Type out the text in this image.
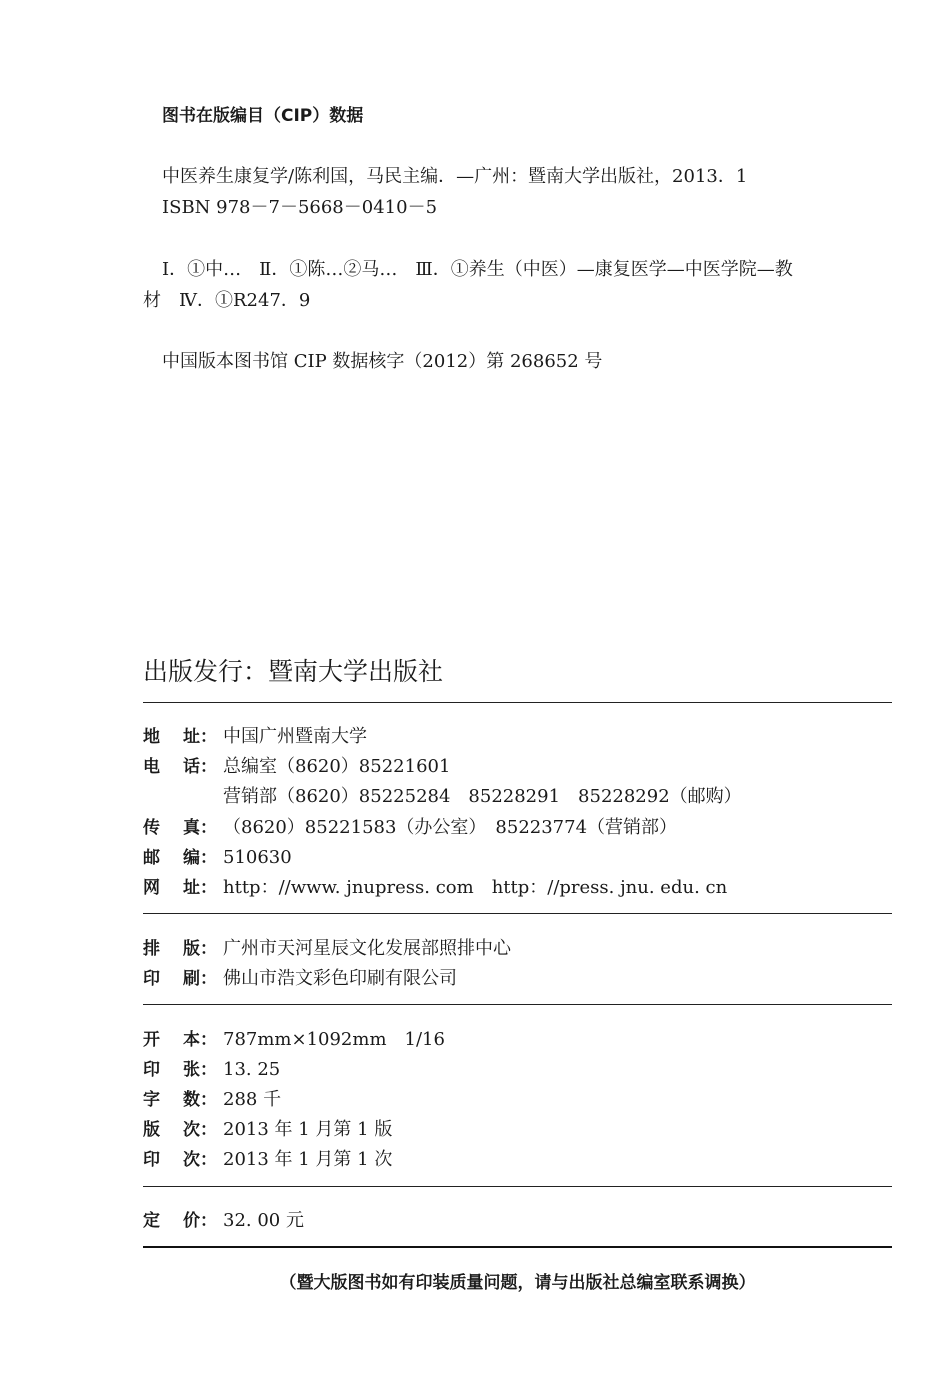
图书在版编目（CIP）数据
中医养生康复学/陈利国，马民主编．—广州：暨南大学出版社，2013．1
ISBN 978－7－5668－0410－5
Ⅰ．①中…　Ⅱ．①陈…②马…　Ⅲ．①养生（中医）—康复医学—中医学院—教
材　Ⅳ．①R247．9
中国版本图书馆 CIP 数据核字（2012）第 268652 号
出版发行：暨南大学出版社
地 址： 中国广州暨南大学
电 话： 总编室（8620）85221601
营销部（8620）85225284　85228291　85228292（邮购）
传 真： （8620）85221583（办公室）　85223774（营销部）
邮 编： 510630
网 址： http：//www. jnupress. com　http：//press. jnu. edu. cn
排 版： 广州市天河星辰文化发展部照排中心
印 刷： 佛山市浩文彩色印刷有限公司
开 本： 787mm×1092mm　1/16
印 张： 13. 25
字 数： 288 千
版 次： 2013 年 1 月第 1 版
印 次： 2013 年 1 月第 1 次
定 价： 32. 00 元
（暨大版图书如有印装质量问题，请与出版社总编室联系调换）
